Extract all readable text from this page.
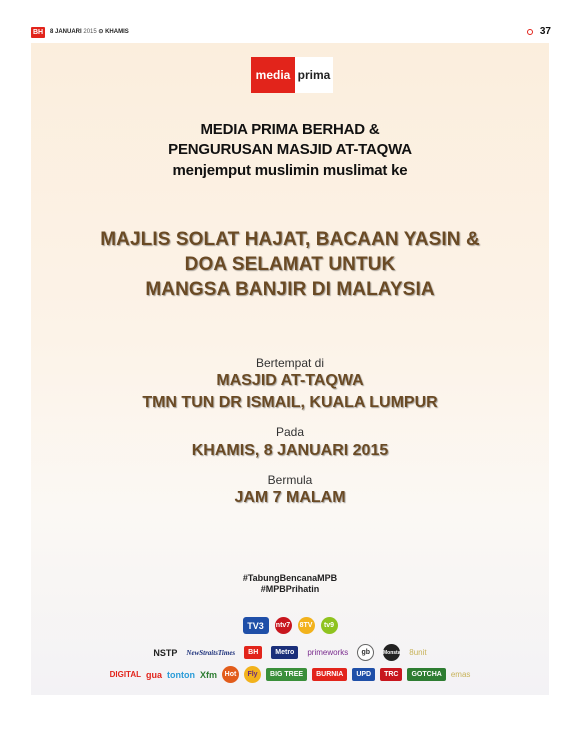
BH	8 JANUARI 2015 ⊙ KHAMIS	37
media prima
MEDIA PRIMA BERHAD &
PENGURUSAN MASJID AT-TAQWA
menjemput muslimin muslimat ke
MAJLIS SOLAT HAJAT, BACAAN YASIN &
DOA SELAMAT UNTUK
MANGSA BANJIR DI MALAYSIA
Bertempat di
MASJID AT-TAQWA
TMN TUN DR ISMAIL, KUALA LUMPUR
Pada
KHAMIS, 8 JANUARI 2015
Bermula
JAM 7 MALAM
#TabungBencanaMPB
#MPBPrihatin
TV3	ntv7 8TV	tv9
NSTP NewStraitsTimes	BH	Metro	primeworks	gb	Monsta 8unit
DIGITAL gua tonton Xfm	Hot	Fly	BIG TREE	BURNIA	UPD	TRC	GOTCHA	emas
